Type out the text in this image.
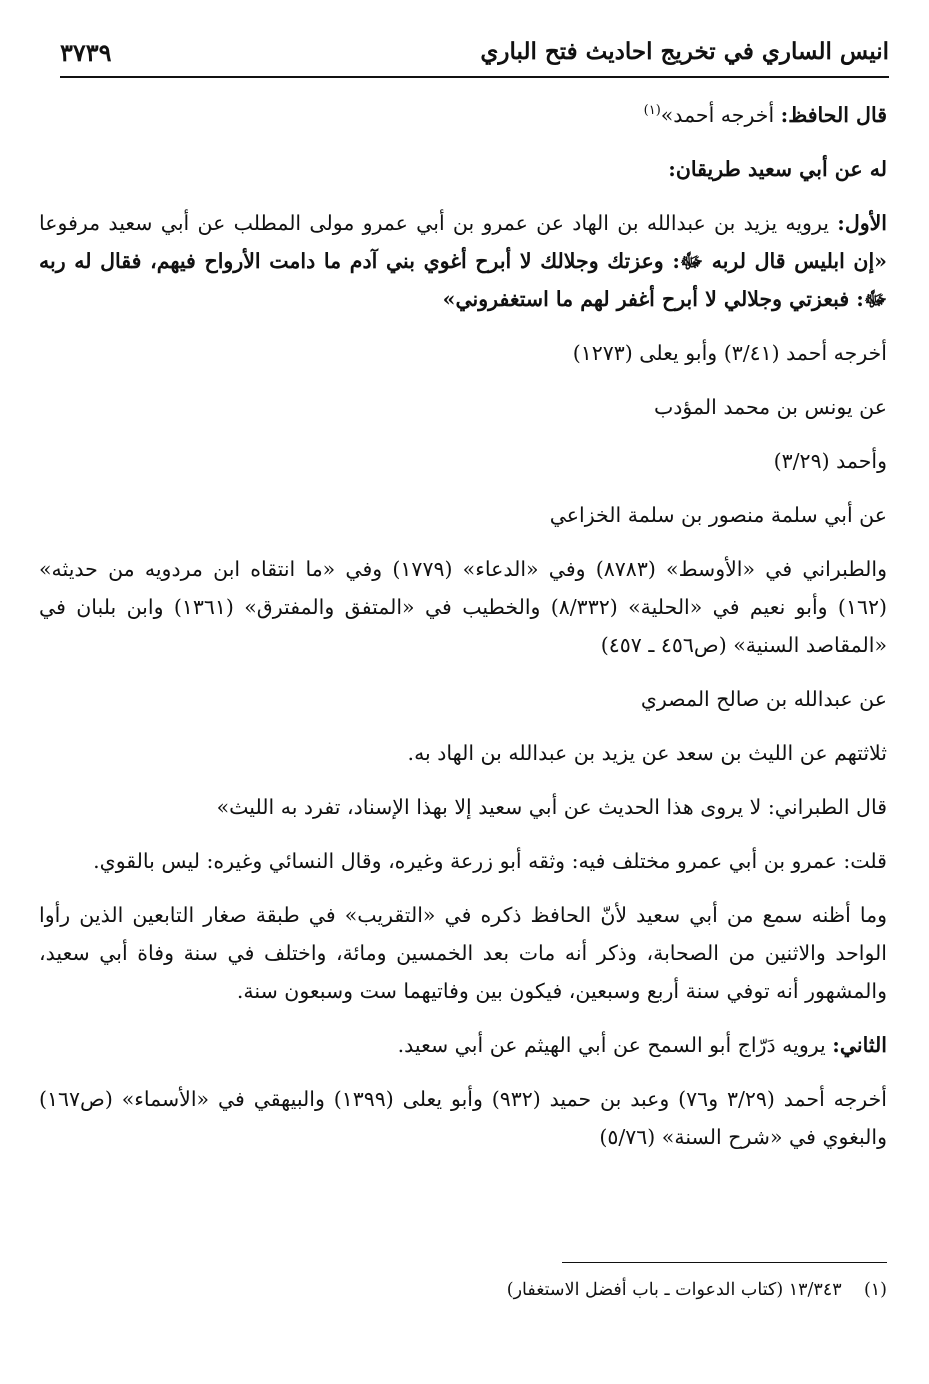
انيس الساري في تخريج احاديث فتح الباري
٣٧٣٩

قال الحافظ: أخرجه أحمد»$^{(١)}$

له عن أبي سعيد طريقان:

الأول: يرويه يزيد بن عبدالله بن الهاد عن عمرو بن أبي عمرو مولى المطلب عن أبي سعيد مرفوعا «إن ابليس قال لربه ﷻ: وعزتك وجلالك لا أبرح أغوي بني آدم ما دامت الأرواح فيهم، فقال له ربه ﷻ: فبعزتي وجلالي لا أبرح أغفر لهم ما استغفروني»

أخرجه أحمد (٣/٤١) وأبو يعلى (١٢٧٣)

عن يونس بن محمد المؤدب

وأحمد (٣/٢٩)

عن أبي سلمة منصور بن سلمة الخزاعي

والطبراني في «الأوسط» (٨٧٨٣) وفي «الدعاء» (١٧٧٩) وفي «ما انتقاه ابن مردويه من حديثه» (١٦٢) وأبو نعيم في «الحلية» (٨/٣٣٢) والخطيب في «المتفق والمفترق» (١٣٦١) وابن بلبان في «المقاصد السنية» (ص٤٥٦ ـ ٤٥٧)

عن عبدالله بن صالح المصري

ثلاثتهم عن الليث بن سعد عن يزيد بن عبدالله بن الهاد به.

قال الطبراني: لا يروى هذا الحديث عن أبي سعيد إلا بهذا الإسناد، تفرد به الليث»

قلت: عمرو بن أبي عمرو مختلف فيه: وثقه أبو زرعة وغيره، وقال النسائي وغيره: ليس بالقوي.

وما أظنه سمع من أبي سعيد لأنّ الحافظ ذكره في «التقريب» في طبقة صغار التابعين الذين رأوا الواحد والاثنين من الصحابة، وذكر أنه مات بعد الخمسين ومائة، واختلف في سنة وفاة أبي سعيد، والمشهور أنه توفي سنة أربع وسبعين، فيكون بين وفاتيهما ست وسبعون سنة.

الثاني: يرويه دَرّاج أبو السمح عن أبي الهيثم عن أبي سعيد.

أخرجه أحمد (٣/٢٩ و٧٦) وعبد بن حميد (٩٣٢) وأبو يعلى (١٣٩٩) والبيهقي في «الأسماء» (ص١٦٧) والبغوي في «شرح السنة» (٥/٧٦)

(١)    ١٣/٣٤٣ (كتاب الدعوات ـ باب أفضل الاستغفار)
